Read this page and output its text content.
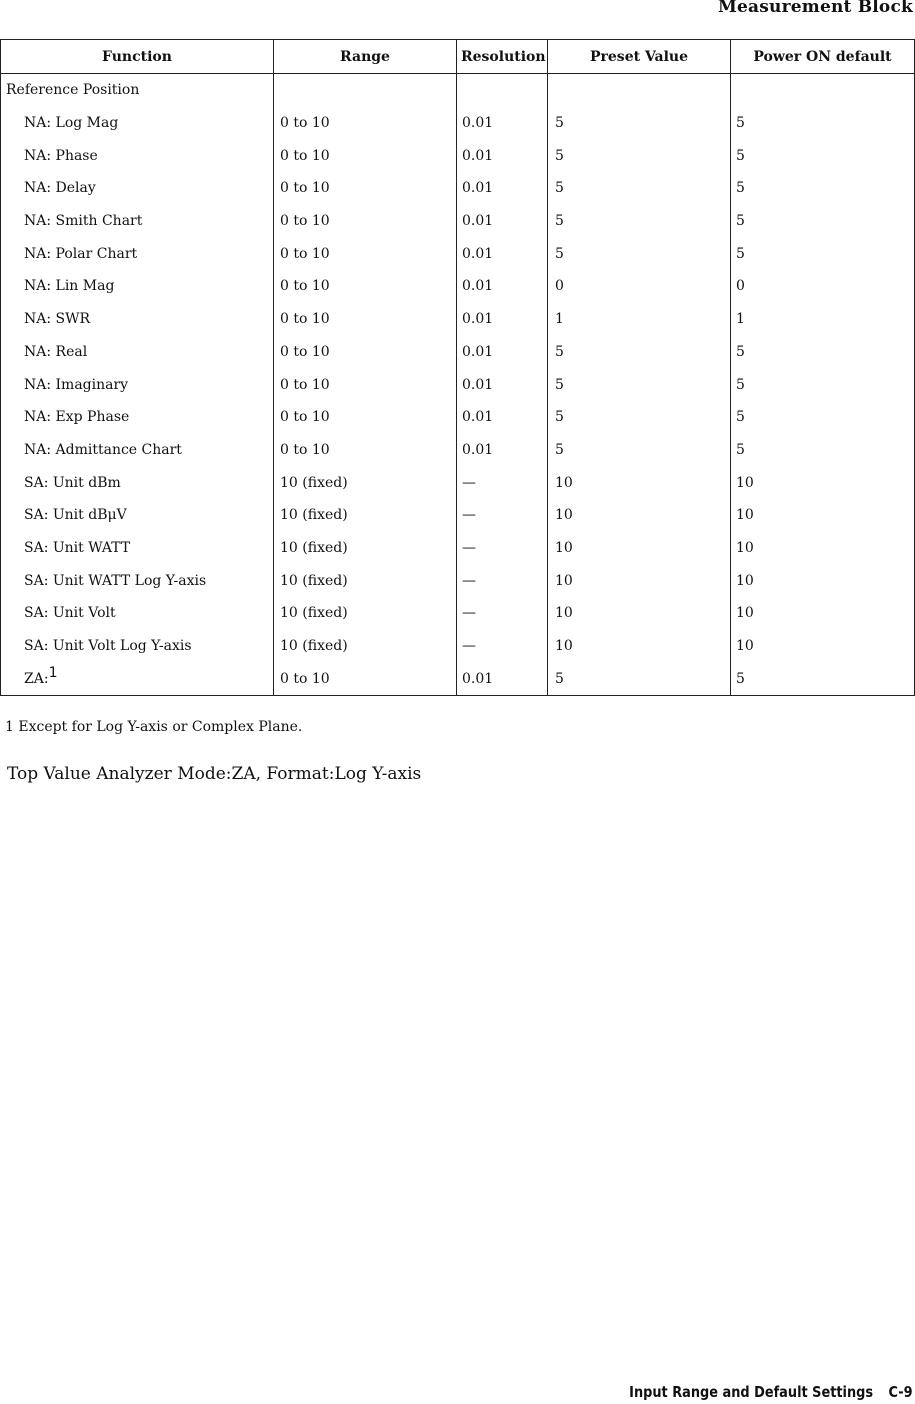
Measurement Block
Function	Range	Resolution	Preset Value	Power ON default
Reference Position				
NA: Log Mag	0 to 10	0.01	5	5
NA: Phase	0 to 10	0.01	5	5
NA: Delay	0 to 10	0.01	5	5
NA: Smith Chart	0 to 10	0.01	5	5
NA: Polar Chart	0 to 10	0.01	5	5
NA: Lin Mag	0 to 10	0.01	0	0
NA: SWR	0 to 10	0.01	1	1
NA: Real	0 to 10	0.01	5	5
NA: Imaginary	0 to 10	0.01	5	5
NA: Exp Phase	0 to 10	0.01	5	5
NA: Admittance Chart	0 to 10	0.01	5	5
SA: Unit dBm	10 (fixed)	—	10	10
SA: Unit dBμV	10 (fixed)	—	10	10
SA: Unit WATT	10 (fixed)	—	10	10
SA: Unit WATT Log Y-axis	10 (fixed)	—	10	10
SA: Unit Volt	10 (fixed)	—	10	10
SA: Unit Volt Log Y-axis	10 (fixed)	—	10	10
ZA:$^1$	0 to 10	0.01	5	5
1 Except for Log Y-axis or Complex Plane.
Top Value Analyzer Mode:ZA, Format:Log Y-axis
Input Range and Default Settings C-9
